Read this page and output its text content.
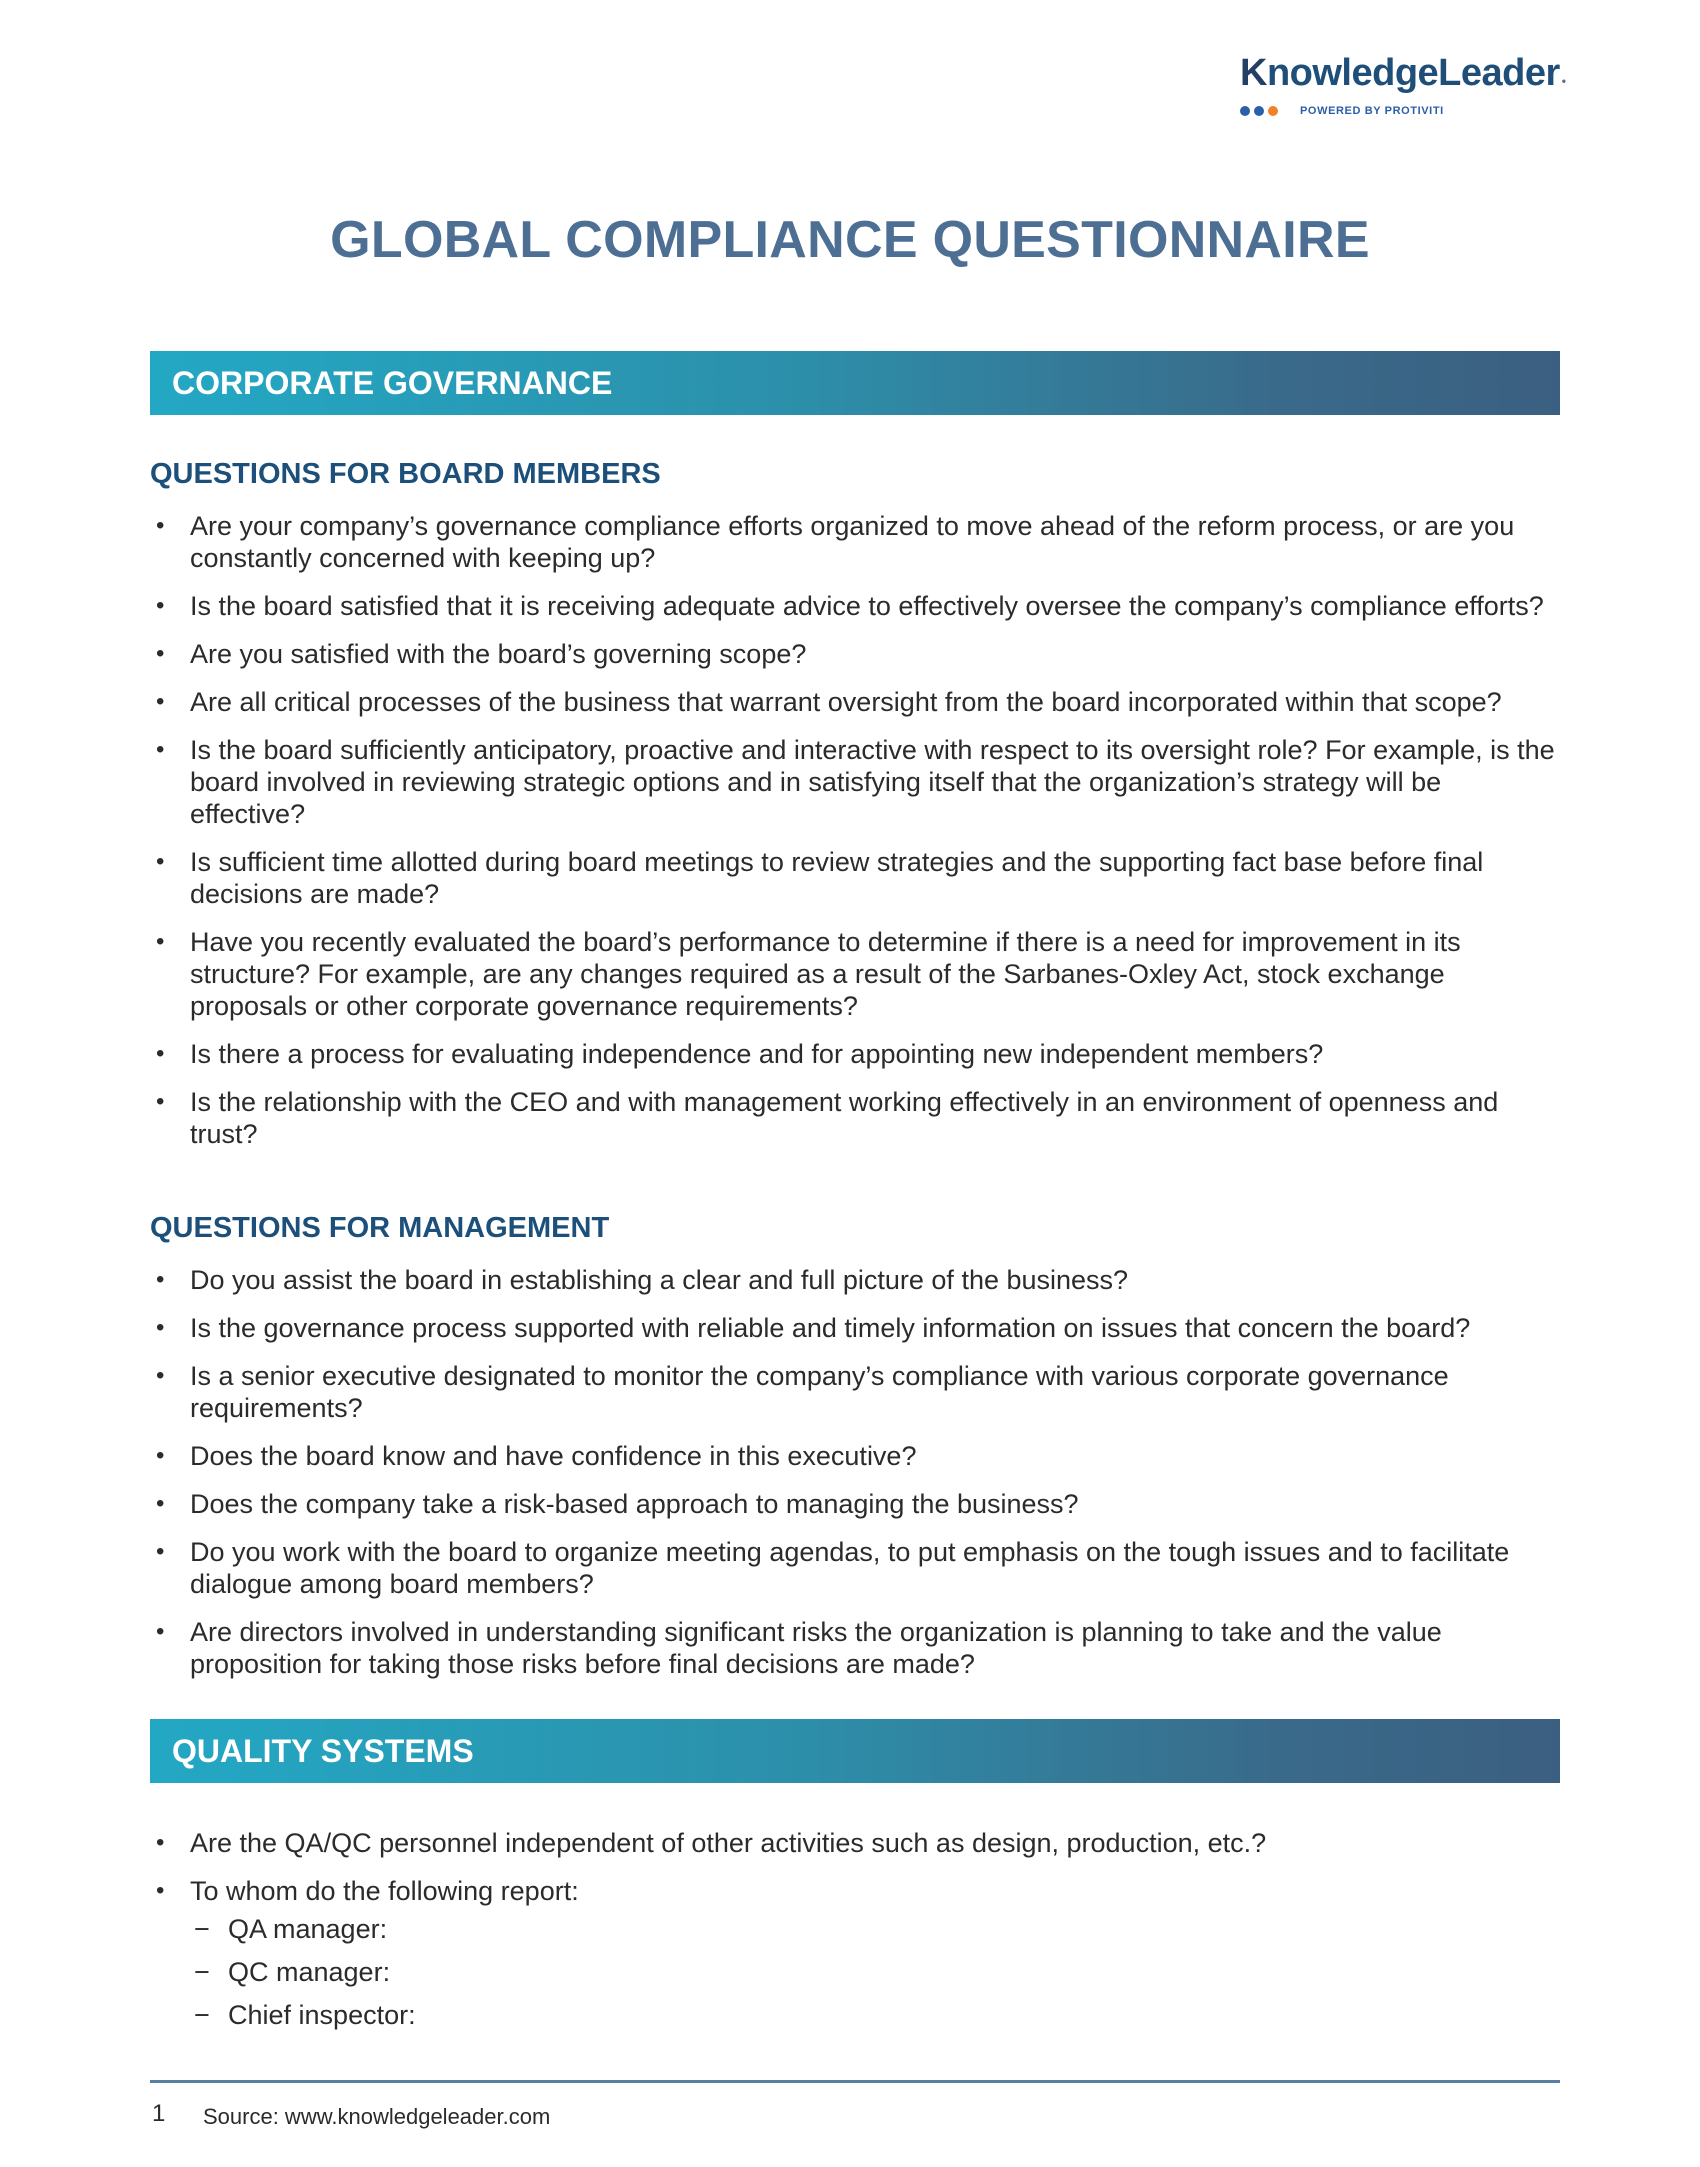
K nowledgeLeader •
POWERED BY PROTIVITI
GLOBAL COMPLIANCE QUESTIONNAIRE
CORPORATE GOVERNANCE
QUESTIONS FOR BOARD MEMBERS
• Are your company’s governance compliance efforts organized to move ahead of the reform process, or are you constantly concerned with keeping up?
• Is the board satisfied that it is receiving adequate advice to effectively oversee the company’s compliance efforts?
• Are you satisfied with the board’s governing scope?
• Are all critical processes of the business that warrant oversight from the board incorporated within that scope?
• Is the board sufficiently anticipatory, proactive and interactive with respect to its oversight role? For example, is the board involved in reviewing strategic options and in satisfying itself that the organization’s strategy will be effective?
• Is sufficient time allotted during board meetings to review strategies and the supporting fact base before final decisions are made?
• Have you recently evaluated the board’s performance to determine if there is a need for improvement in its structure? For example, are any changes required as a result of the Sarbanes-Oxley Act, stock exchange proposals or other corporate governance requirements?
• Is there a process for evaluating independence and for appointing new independent members?
• Is the relationship with the CEO and with management working effectively in an environment of openness and trust?
QUESTIONS FOR MANAGEMENT
• Do you assist the board in establishing a clear and full picture of the business?
• Is the governance process supported with reliable and timely information on issues that concern the board?
• Is a senior executive designated to monitor the company’s compliance with various corporate governance requirements?
• Does the board know and have confidence in this executive?
• Does the company take a risk-based approach to managing the business?
• Do you work with the board to organize meeting agendas, to put emphasis on the tough issues and to facilitate dialogue among board members?
• Are directors involved in understanding significant risks the organization is planning to take and the value proposition for taking those risks before final decisions are made?
QUALITY SYSTEMS
• Are the QA/QC personnel independent of other activities such as design, production, etc.?
• To whom do the following report:
− QA manager:
− QC manager:
− Chief inspector:
1 Source: www.knowledgeleader.com
